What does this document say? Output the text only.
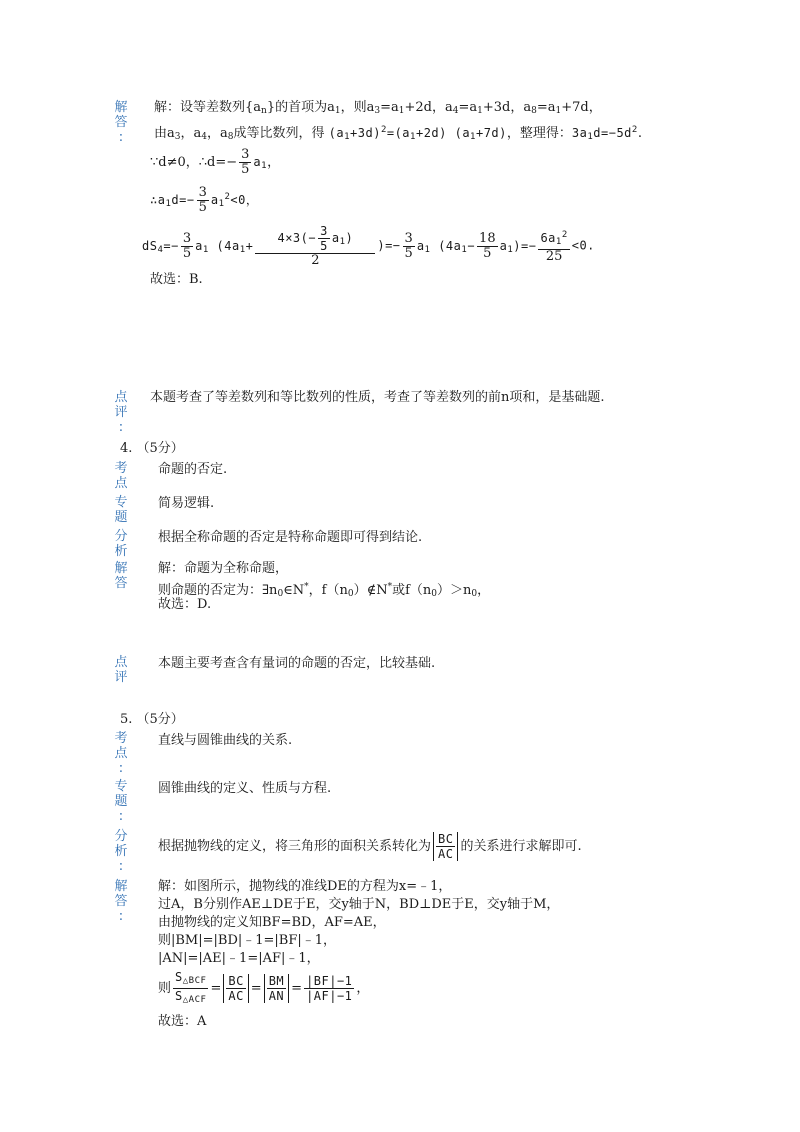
解
答
:
解：设等差数列$\{a_n\}$的首项为$a_1$，则$a_3=a_1+2d$，$a_4=a_1+3d$，$a_8=a_1+7d$，
由$a_3$，$a_4$，$a_8$成等比数列，得 $(a_1+3d)^2=(a_1+2d)$ $(a_1+7d)$，整理得：$3a_1d=-5d^2$.
∵d≠0，∴d=− $\frac{3}{5} a_1$，
$\therefore a_1d=- \frac{3}{5} a_1^2<0$，
$dS_4=- \frac{3}{5} a_1$ ($4a_1+ \frac{4\times 3(- \frac{3}{5} a_1)}{2}$ )=− $\frac{3}{5} a_1$ $(4a_1- \frac{18}{5} a_1)=- \frac{6a_1^2}{25} <0$.
故选：B.
点
评
:
本题考查了等差数列和等比数列的性质，考查了等差数列的前n项和，是基础题.
4. （5分）
考
点
命题的否定.
专
题
简易逻辑.
分
析
根据全称命题的否定是特称命题即可得到结论.
解
答
解：命题为全称命题，
则命题的否定为：$\exists n_0\in N^*$，$f(n_0)\notin N^*$或$f(n_0)>n_0$，
故选：D.
点
评
本题主要考查含有量词的命题的否定，比较基础.
5. （5分）
考
点
:
直线与圆锥曲线的关系.
专
题
:
圆锥曲线的定义、性质与方程.
分
析
:
根据抛物线的定义，将三角形的面积关系转化为 $\frac{BC}{AC}$ 的关系进行求解即可.
解
答
:
解：如图所示，抛物线的准线DE的方程为x=﹣1，
过A，B分别作AE⊥DE于E，交y轴于N，BD⊥DE于E，交y轴于M，
由抛物线的定义知BF=BD，AF=AE，
则|BM|=|BD|﹣1=|BF|﹣1，
|AN|=|AE|﹣1=|AF|﹣1，
则 $\frac{S_{\triangle BCF}}{S_{\triangle ACF}} = \frac{BC}{AC} = \frac{BM}{AN} = \frac{|BF|-1}{|AF|-1}$ ，
故选：A
